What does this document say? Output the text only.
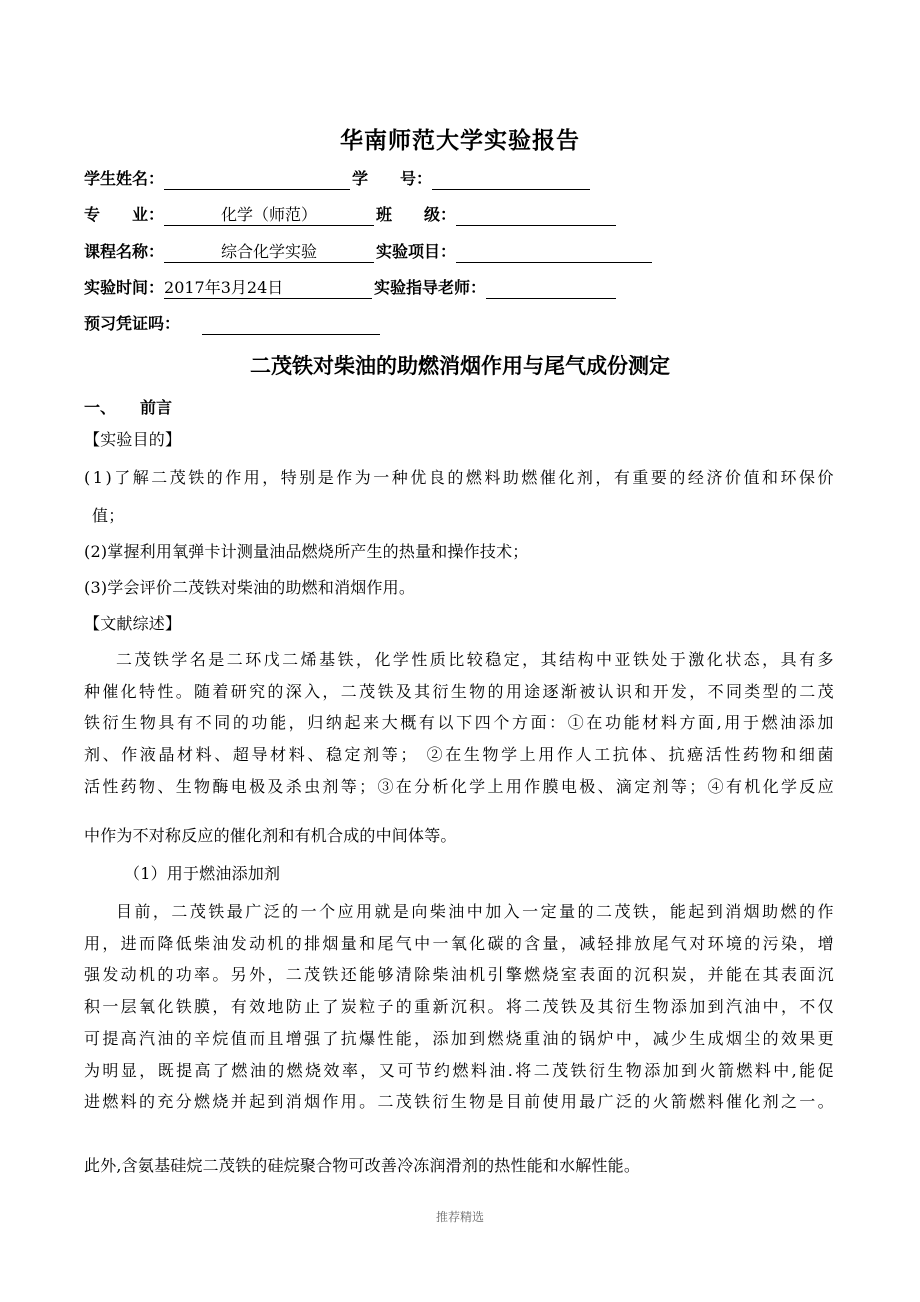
华南师范大学实验报告
学生姓名：	学　　号：
专　　业：	化学（师范）	班　　级：
课程名称：	综合化学实验	实验项目：
实验时间：2017年3月24日	实验指导老师：
预习凭证吗：
二茂铁对柴油的助燃消烟作用与尾气成份测定
一、 前言
【实验目的】
(1)了解二茂铁的作用，特别是作为一种优良的燃料助燃催化剂，有重要的经济价值和环保价
值；
(2)掌握利用氧弹卡计测量油品燃烧所产生的热量和操作技术；
(3)学会评价二茂铁对柴油的助燃和消烟作用。
【文献综述】
二茂铁学名是二环戊二烯基铁，化学性质比较稳定，其结构中亚铁处于激化状态，具有多
种催化特性。随着研究的深入，二茂铁及其衍生物的用途逐渐被认识和开发，不同类型的二茂
铁衍生物具有不同的功能，归纳起来大概有以下四个方面：①在功能材料方面,用于燃油添加
剂、作液晶材料、超导材料、稳定剂等； ②在生物学上用作人工抗体、抗癌活性药物和细菌
活性药物、生物酶电极及杀虫剂等；③在分析化学上用作膜电极、滴定剂等；④有机化学反应
中作为不对称反应的催化剂和有机合成的中间体等。
（1）用于燃油添加剂
目前，二茂铁最广泛的一个应用就是向柴油中加入一定量的二茂铁，能起到消烟助燃的作
用，进而降低柴油发动机的排烟量和尾气中一氧化碳的含量，减轻排放尾气对环境的污染，增
强发动机的功率。另外，二茂铁还能够清除柴油机引擎燃烧室表面的沉积炭，并能在其表面沉
积一层氧化铁膜，有效地防止了炭粒子的重新沉积。将二茂铁及其衍生物添加到汽油中，不仅
可提高汽油的辛烷值而且增强了抗爆性能，添加到燃烧重油的锅炉中，减少生成烟尘的效果更
为明显，既提高了燃油的燃烧效率，又可节约燃料油.将二茂铁衍生物添加到火箭燃料中,能促
进燃料的充分燃烧并起到消烟作用。二茂铁衍生物是目前使用最广泛的火箭燃料催化剂之一。
此外,含氨基硅烷二茂铁的硅烷聚合物可改善冷冻润滑剂的热性能和水解性能。
推荐精选
